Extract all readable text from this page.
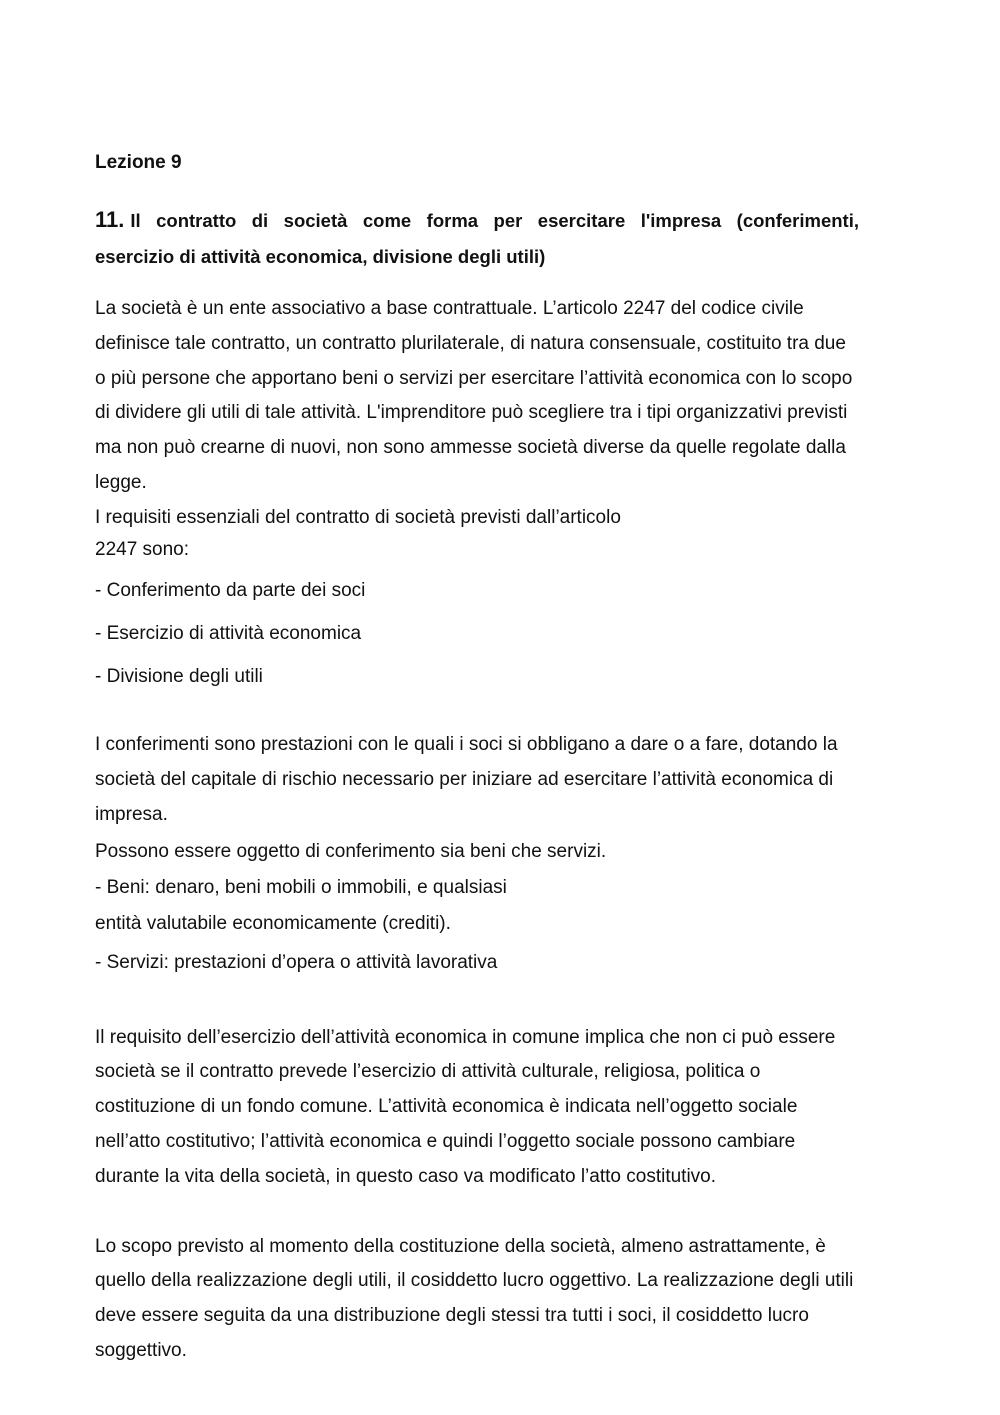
Lezione 9

11. Il contratto di società come forma per esercitare l'impresa (conferimenti,

esercizio di attività economica, divisione degli utili)

La società è un ente associativo a base contrattuale. L’articolo 2247 del codice civile

definisce tale contratto, un contratto plurilaterale, di natura consensuale, costituito tra due

o più persone che apportano beni o servizi per esercitare l’attività economica con lo scopo

di dividere gli utili di tale attività. L'imprenditore può scegliere tra i tipi organizzativi previsti

ma non può crearne di nuovi, non sono ammesse società diverse da quelle regolate dalla

legge.

I requisiti essenziali del contratto di società previsti dall’articolo

2247 sono:

- Conferimento da parte dei soci

- Esercizio di attività economica

- Divisione degli utili

I conferimenti sono prestazioni con le quali i soci si obbligano a dare o a fare, dotando la

società del capitale di rischio necessario per iniziare ad esercitare l’attività economica di

impresa.

Possono essere oggetto di conferimento sia beni che servizi.

- Beni: denaro, beni mobili o immobili, e qualsiasi

entità valutabile economicamente (crediti).

- Servizi: prestazioni d’opera o attività lavorativa

Il requisito dell’esercizio dell’attività economica in comune implica che non ci può essere

società se il contratto prevede l’esercizio di attività culturale, religiosa, politica o

costituzione di un fondo comune. L’attività economica è indicata nell’oggetto sociale

nell’atto costitutivo; l’attività economica e quindi l’oggetto sociale possono cambiare

durante la vita della società, in questo caso va modificato l’atto costitutivo.

Lo scopo previsto al momento della costituzione della società, almeno astrattamente, è

quello della realizzazione degli utili, il cosiddetto lucro oggettivo. La realizzazione degli utili

deve essere seguita da una distribuzione degli stessi tra tutti i soci, il cosiddetto lucro

soggettivo.
